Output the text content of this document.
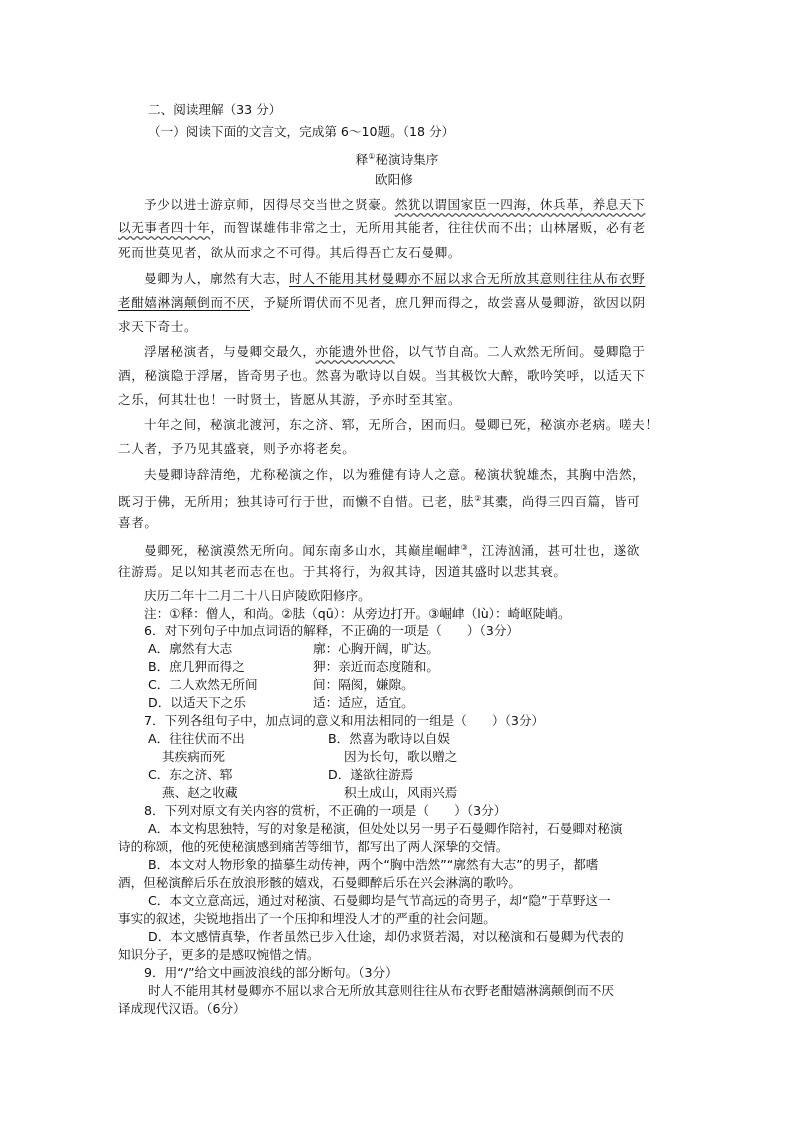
二、阅读理解（33 分）
（一）阅读下面的文言文，完成第 6～10题。（18 分）
释①秘演诗集序
欧阳修
予少以进士游京师，因得尽交当世之贤豪。然犹以谓国家臣一四海，休兵革，养息天下
以无事者四十年，而智谋雄伟非常之士，无所用其能者，往往伏而不出；山林屠贩，必有老
死而世莫见者，欲从而求之不可得。其后得吾亡友石曼卿。
曼卿为人，廓然有大志，时人不能用其材曼卿亦不屈以求合无所放其意则往往从布衣野
老酣嬉淋漓颠倒而不厌，予疑所谓伏而不见者，庶几狎而得之，故尝喜从曼卿游，欲因以阴
求天下奇士。
浮屠秘演者，与曼卿交最久，亦能遗外世俗，以气节自高。二人欢然无所间。曼卿隐于
酒，秘演隐于浮屠，皆奇男子也。然喜为歌诗以自娱。当其极饮大醉，歌吟笑呼，以适天下
之乐，何其壮也！一时贤士，皆愿从其游，予亦时至其室。
十年之间，秘演北渡河，东之济、郓，无所合，困而归。曼卿已死，秘演亦老病。嗟夫！
二人者，予乃见其盛衰，则予亦将老矣。
夫曼卿诗辞清绝，尤称秘演之作，以为雅健有诗人之意。秘演状貌雄杰，其胸中浩然，
既习于佛，无所用；独其诗可行于世，而懒不自惜。已老，胠②其橐，尚得三四百篇，皆可
喜者。
曼卿死，秘演漠然无所向。闻东南多山水，其巅崖崛峍③，江涛汹涌，甚可壮也，遂欲
往游焉。足以知其老而志在也。于其将行，为叙其诗，因道其盛时以悲其衰。
庆历二年十二月二十八日庐陵欧阳修序。
注：①释：僧人，和尚。②胠（qū）：从旁边打开。③崛峍（lù）：崎岖陡峭。
6．对下列句子中加点词语的解释，不正确的一项是（　　）（3分）
A．廓然有大志	廓：心胸开阔，旷达。
B．庶几狎而得之	狎：亲近而态度随和。
C．二人欢然无所间	间：隔阂，嫌隙。
D．以适天下之乐	适：适应，适宜。
7．下列各组句子中，加点词的意义和用法相同的一组是（　　）（3分）
A．往往伏而不出
其疾病而死
B．然喜为歌诗以自娱
因为长句，歌以赠之
C．东之济、郓
燕、赵之收藏
D．遂欲往游焉
积土成山，风雨兴焉
8．下列对原文有关内容的赏析，不正确的一项是（　　）（3分）
A．本文构思独特，写的对象是秘演，但处处以另一男子石曼卿作陪衬，石曼卿对秘演
诗的称颂，他的死使秘演感到痛苦等细节，都写出了两人深挚的交情。
B．本文对人物形象的描摹生动传神，两个“胸中浩然”“廓然有大志”的男子，都嗜
酒，但秘演醉后乐在放浪形骸的嬉戏，石曼卿醉后乐在兴会淋漓的歌吟。
C．本文立意高远，通过对秘演、石曼卿均是气节高远的奇男子，却“隐”于草野这一
事实的叙述，尖锐地指出了一个压抑和埋没人才的严重的社会问题。
D．本文感情真挚，作者虽然已步入仕途，却仍求贤若渴，对以秘演和石曼卿为代表的
知识分子，更多的是感叹惋惜之情。
9．用“/”给文中画波浪线的部分断句。（3分）
时人不能用其材曼卿亦不屈以求合无所放其意则往往从布衣野老酣嬉淋漓颠倒而不厌
译成现代汉语。（6分）
